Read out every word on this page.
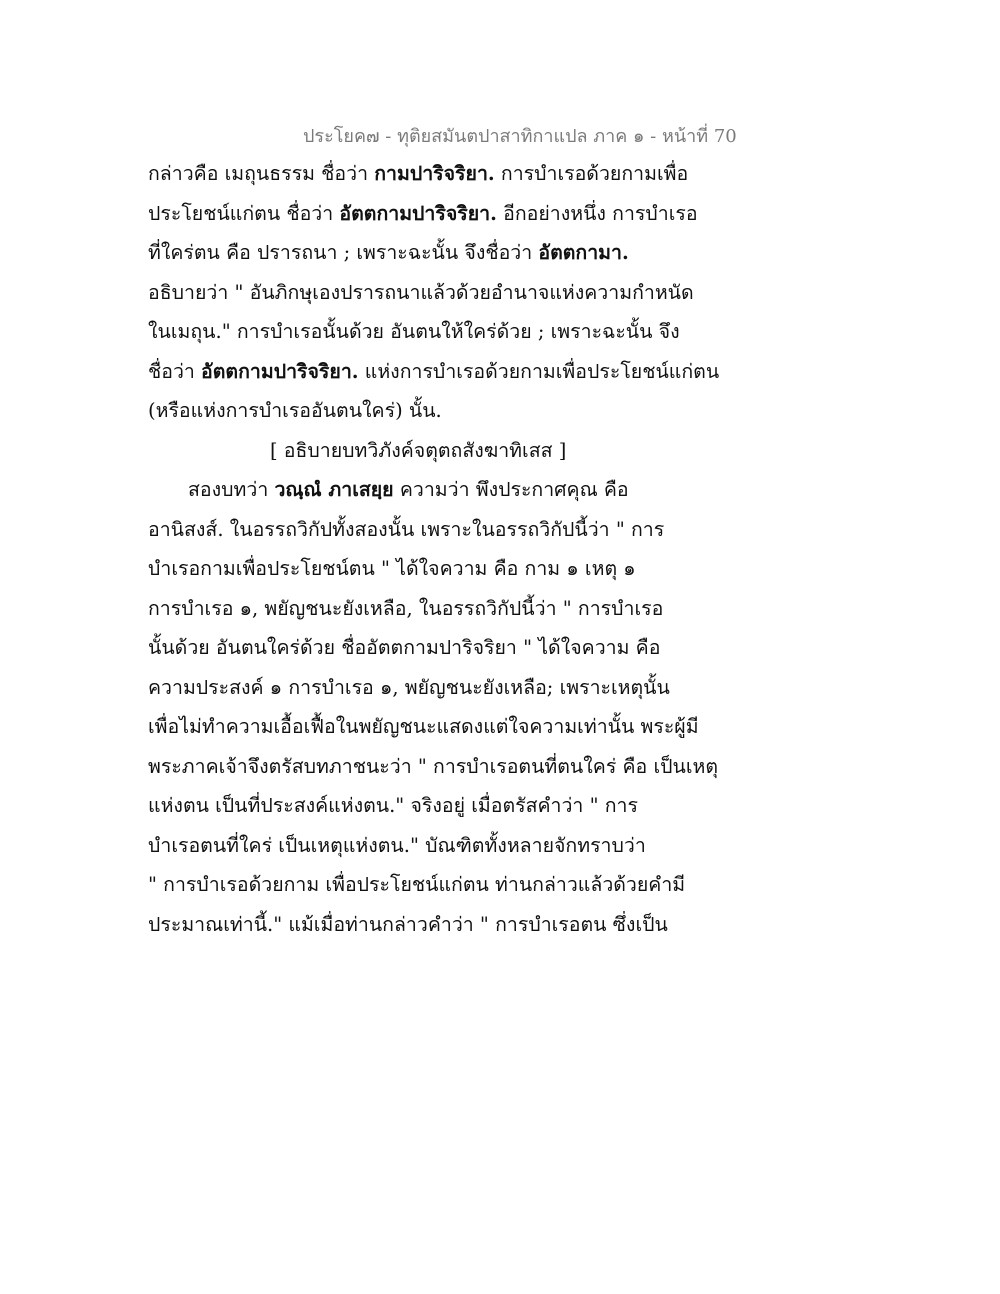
ประโยค๗ - ทุติยสมันตปาสาทิกาแปล ภาค ๑ - หน้าที่ 70
กล่าวคือ เมถุนธรรม ชื่อว่า กามปาริจริยา. การบำเรอด้วยกามเพื่อ
ประโยชน์แก่ตน ชื่อว่า อัตตกามปาริจริยา. อีกอย่างหนึ่ง การบำเรอ
ที่ใคร่ตน คือ ปรารถนา ; เพราะฉะนั้น จึงชื่อว่า อัตตกามา.
อธิบายว่า " อันภิกษุเองปรารถนาแล้วด้วยอำนาจแห่งความกำหนัด
ในเมถุน." การบำเรอนั้นด้วย อันตนให้ใคร่ด้วย ; เพราะฉะนั้น จึง
ชื่อว่า อัตตกามปาริจริยา. แห่งการบำเรอด้วยกามเพื่อประโยชน์แก่ตน
(หรือแห่งการบำเรออันตนใคร่) นั้น.
[ อธิบายบทวิภังค์จตุตถสังฆาทิเสส ]
สองบทว่า วณฺณํ ภาเสยฺย ความว่า พึงประกาศคุณ คือ
อานิสงส์. ในอรรถวิกัปทั้งสองนั้น เพราะในอรรถวิกัปนี้ว่า " การ
บำเรอกามเพื่อประโยชน์ตน " ได้ใจความ คือ กาม ๑ เหตุ ๑
การบำเรอ ๑, พยัญชนะยังเหลือ, ในอรรถวิกัปนี้ว่า " การบำเรอ
นั้นด้วย อันตนใคร่ด้วย ชื่ออัตตกามปาริจริยา " ได้ใจความ คือ
ความประสงค์ ๑ การบำเรอ ๑, พยัญชนะยังเหลือ; เพราะเหตุนั้น
เพื่อไม่ทำความเอื้อเฟื้อในพยัญชนะแสดงแต่ใจความเท่านั้น พระผู้มี
พระภาคเจ้าจึงตรัสบทภาชนะว่า " การบำเรอตนที่ตนใคร่ คือ เป็นเหตุ
แห่งตน เป็นที่ประสงค์แห่งตน." จริงอยู่ เมื่อตรัสคำว่า " การ
บำเรอตนที่ใคร่ เป็นเหตุแห่งตน." บัณฑิตทั้งหลายจักทราบว่า
" การบำเรอด้วยกาม เพื่อประโยชน์แก่ตน ท่านกล่าวแล้วด้วยคำมี
ประมาณเท่านี้." แม้เมื่อท่านกล่าวคำว่า " การบำเรอตน ซึ่งเป็น
